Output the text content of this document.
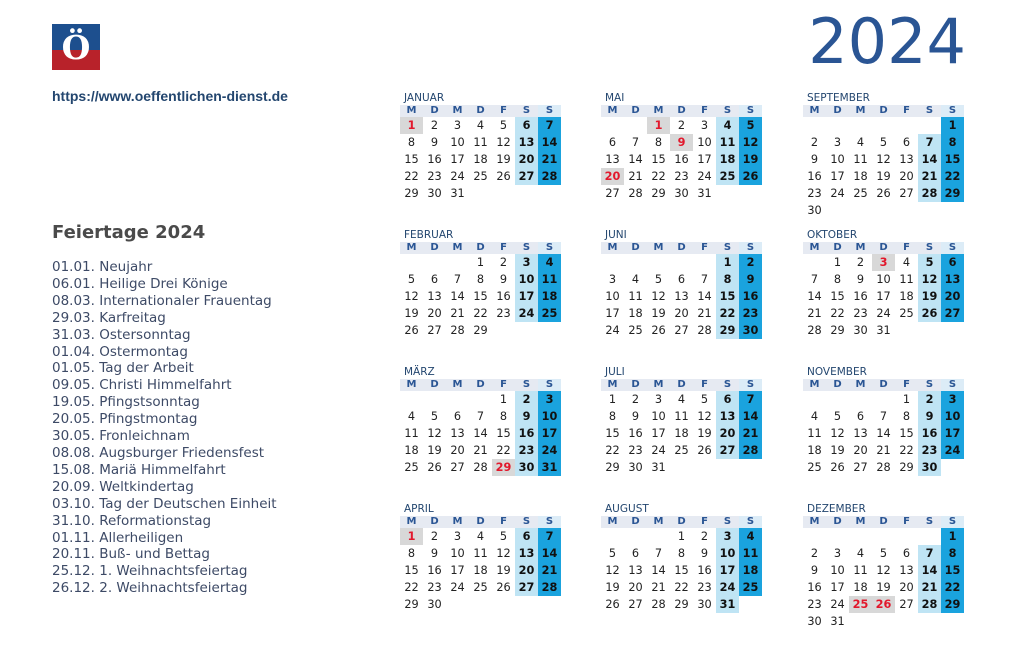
Ö
https://www.oeffentlichen-dienst.de
2024
Feiertage 2024
01.01. Neujahr
06.01. Heilige Drei Könige
08.03. Internationaler Frauentag
29.03. Karfreitag
31.03. Ostersonntag
01.04. Ostermontag
01.05. Tag der Arbeit
09.05. Christi Himmelfahrt
19.05. Pfingstsonntag
20.05. Pfingstmontag
30.05. Fronleichnam
08.08. Augsburger Friedensfest
15.08. Mariä Himmelfahrt
20.09. Weltkindertag
03.10. Tag der Deutschen Einheit
31.10. Reformationstag
01.11. Allerheiligen
20.11. Buß- und Bettag
25.12. 1. Weihnachtsfeiertag
26.12. 2. Weihnachtsfeiertag
JANUAR
M	D	M	D	F	S	S
1	2	3	4	5	6	7
8	9	10	11	12	13	14
15	16	17	18	19	20	21
22	23	24	25	26	27	28
29	30	31				
FEBRUAR
M	D	M	D	F	S	S
			1	2	3	4
5	6	7	8	9	10	11
12	13	14	15	16	17	18
19	20	21	22	23	24	25
26	27	28	29			
MÄRZ
M	D	M	D	F	S	S
				1	2	3
4	5	6	7	8	9	10
11	12	13	14	15	16	17
18	19	20	21	22	23	24
25	26	27	28	29	30	31
APRIL
M	D	M	D	F	S	S
1	2	3	4	5	6	7
8	9	10	11	12	13	14
15	16	17	18	19	20	21
22	23	24	25	26	27	28
29	30					
MAI
M	D	M	D	F	S	S
		1	2	3	4	5
6	7	8	9	10	11	12
13	14	15	16	17	18	19
20	21	22	23	24	25	26
27	28	29	30	31		
JUNI
M	D	M	D	F	S	S
					1	2
3	4	5	6	7	8	9
10	11	12	13	14	15	16
17	18	19	20	21	22	23
24	25	26	27	28	29	30
JULI
M	D	M	D	F	S	S
1	2	3	4	5	6	7
8	9	10	11	12	13	14
15	16	17	18	19	20	21
22	23	24	25	26	27	28
29	30	31				
AUGUST
M	D	M	D	F	S	S
			1	2	3	4
5	6	7	8	9	10	11
12	13	14	15	16	17	18
19	20	21	22	23	24	25
26	27	28	29	30	31	
SEPTEMBER
M	D	M	D	F	S	S
						1
2	3	4	5	6	7	8
9	10	11	12	13	14	15
16	17	18	19	20	21	22
23	24	25	26	27	28	29
30						
OKTOBER
M	D	M	D	F	S	S
	1	2	3	4	5	6
7	8	9	10	11	12	13
14	15	16	17	18	19	20
21	22	23	24	25	26	27
28	29	30	31			
NOVEMBER
M	D	M	D	F	S	S
				1	2	3
4	5	6	7	8	9	10
11	12	13	14	15	16	17
18	19	20	21	22	23	24
25	26	27	28	29	30	
DEZEMBER
M	D	M	D	F	S	S
						1
2	3	4	5	6	7	8
9	10	11	12	13	14	15
16	17	18	19	20	21	22
23	24	25	26	27	28	29
30	31					
